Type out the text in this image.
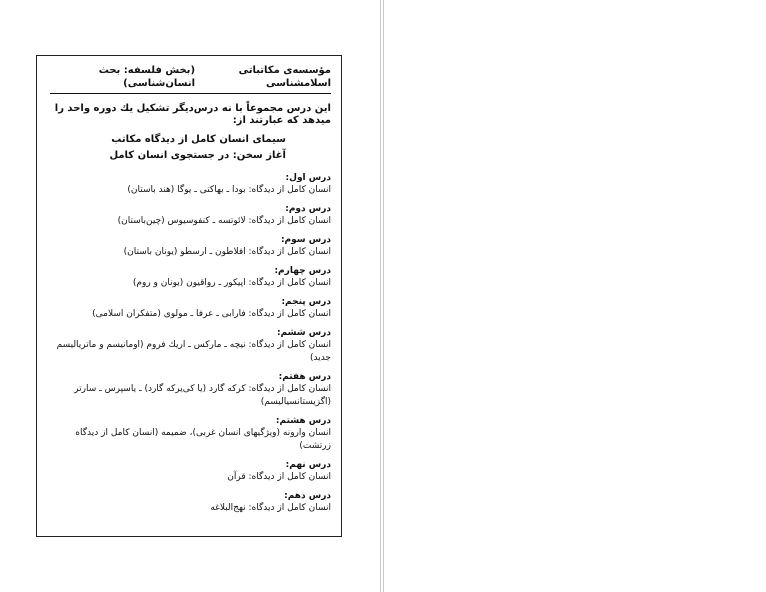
مؤسسه‌ی مکاتباتی اسلامشناسی
(بخش فلسفه: بحث انسان‌شناسی)
این درس مجموعاً با نه درس‌دیگر تشکیل یك دوره واحد را میدهد که عبارتند از:
سیمای انسان کامل از دیدگاه مکاتب
آغاز سخن: در جستجوی انسان کامل
درس اول:
انسان کامل از دیدگاه: بودا ـ بهاکتی ـ یوگا (هند باستان)
درس دوم:
انسان کامل از دیدگاه: لائوتسه ـ کنفوسیوس (چین‌باستان)
درس سوم:
انسان کامل از دیدگاه: افلاطون ـ ارسطو (یونان باستان)
درس چهارم:
انسان کامل از دیدگاه: اپیکور ـ رواقیون (یونان و روم)
درس پنجم:
انسان کامل از دیدگاه: فارابی ـ عرفا ـ مولوی (متفکران اسلامی)
درس ششم:
انسان کامل از دیدگاه: نیچه ـ مارکس ـ اریك فروم (اومانیسم و ماتریالیسم جدید)
درس هفتم:
انسان کامل از دیدگاه: کرکه گارد (یا کی‌یرکه گارد) ـ یاسپرس ـ سارتر (اگزیستانسیالیسم)
درس هشتم:
انسان وارونه (ویژگیهای انسان غربی)، ضمیمه (انسان کامل از دیدگاه زرتشت)
درس نهم:
انسان کامل از دیدگاه: قرآن
درس دهم:
انسان کامل از دیدگاه: نهج‌البلاغه
